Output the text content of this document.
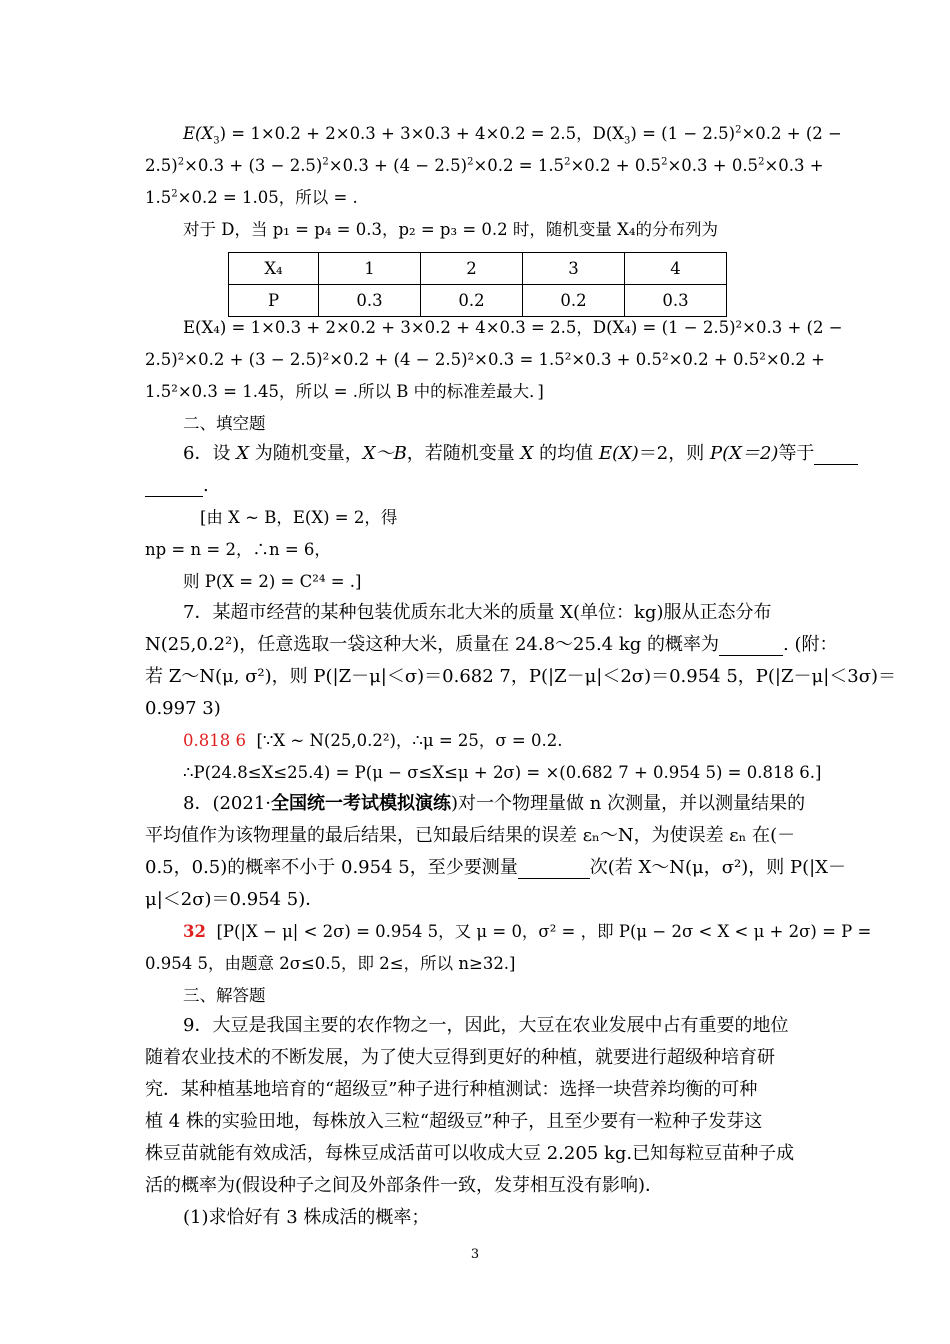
$E(X_3) = 1\times 0.2 + 2\times 0.3 + 3\times 0.3 + 4\times 0.2 = 2.5$，$D(X_3) = (1 - 2.5)^2\times 0.2 + (2$ −
$2.5)^2\times 0.3 + (3 - 2.5)^2\times 0.3 + (4 - 2.5)^2\times 0.2 = 1.5^2\times 0.2 + 0.5^2\times 0.3 + 0.5^2\times 0.3$ +
$1.5^2\times 0.2 = 1.05$，所以 = .
对于 D，当 p₁ = p₄ = 0.3，p₂ = p₃ = 0.2 时，随机变量 X₄的分布列为
X₄	1	2	3	4
P	0.3	0.2	0.2	0.3
E(X₄) = 1×0.3 + 2×0.2 + 3×0.2 + 4×0.3 = 2.5，D(X₄) = (1 − 2.5)²×0.3 + (2 −
2.5)²×0.2 + (3 − 2.5)²×0.2 + (4 − 2.5)²×0.3 = 1.5²×0.3 + 0.5²×0.2 + 0.5²×0.2 +
1.5²×0.3 = 1.45，所以 = .所以 B 中的标准差最大．]
二、填空题
6．设 X 为随机变量，X～B，若随机变量 X 的均值 E(X)＝2，则 P(X＝2)等于
.
[由 X ~ B，E(X) = 2，得
np = n = 2，∴n = 6，
则 P(X = 2) = C²⁴ = .]
7．某超市经营的某种包装优质东北大米的质量 X(单位：kg)服从正态分布
N(25,0.2²)，任意选取一袋这种大米，质量在 24.8～25.4 kg 的概率为	. (附：
若 Z～N(μ, σ²)，则 P(|Z－μ|＜σ)＝0.682 7，P(|Z－μ|＜2σ)＝0.954 5，P(|Z－μ|＜3σ)＝
0.997 3)
0.818 6 [∵X ~ N(25,0.2²)，∴μ = 25，σ = 0.2.
∴P(24.8≤X≤25.4) = P(μ − σ≤X≤μ + 2σ) = ×(0.682 7 + 0.954 5) = 0.818 6.]
8．(2021·全国统一考试模拟演练)对一个物理量做 n 次测量，并以测量结果的
平均值作为该物理量的最后结果，已知最后结果的误差 εₙ～N，为使误差 εₙ 在(－
0.5，0.5)的概率不小于 0.954 5，至少要测量	次(若 X～N(μ，σ²)，则 P(|X－
μ|＜2σ)＝0.954 5)．
32 [P(|X − μ| < 2σ) = 0.954 5，又 μ = 0，σ² = ，即 P(μ − 2σ < X < μ + 2σ) = P =
0.954 5，由题意 2σ≤0.5，即 2≤，所以 n≥32.]
三、解答题
9．大豆是我国主要的农作物之一，因此，大豆在农业发展中占有重要的地位
随着农业技术的不断发展，为了使大豆得到更好的种植，就要进行超级种培育研
究．某种植基地培育的“超级豆”种子进行种植测试：选择一块营养均衡的可种
植 4 株的实验田地，每株放入三粒“超级豆”种子，且至少要有一粒种子发芽这
株豆苗就能有效成活，每株豆成活苗可以收成大豆 2.205 kg.已知每粒豆苗种子成
活的概率为(假设种子之间及外部条件一致，发芽相互没有影响)．
(1)求恰好有 3 株成活的概率；
3
